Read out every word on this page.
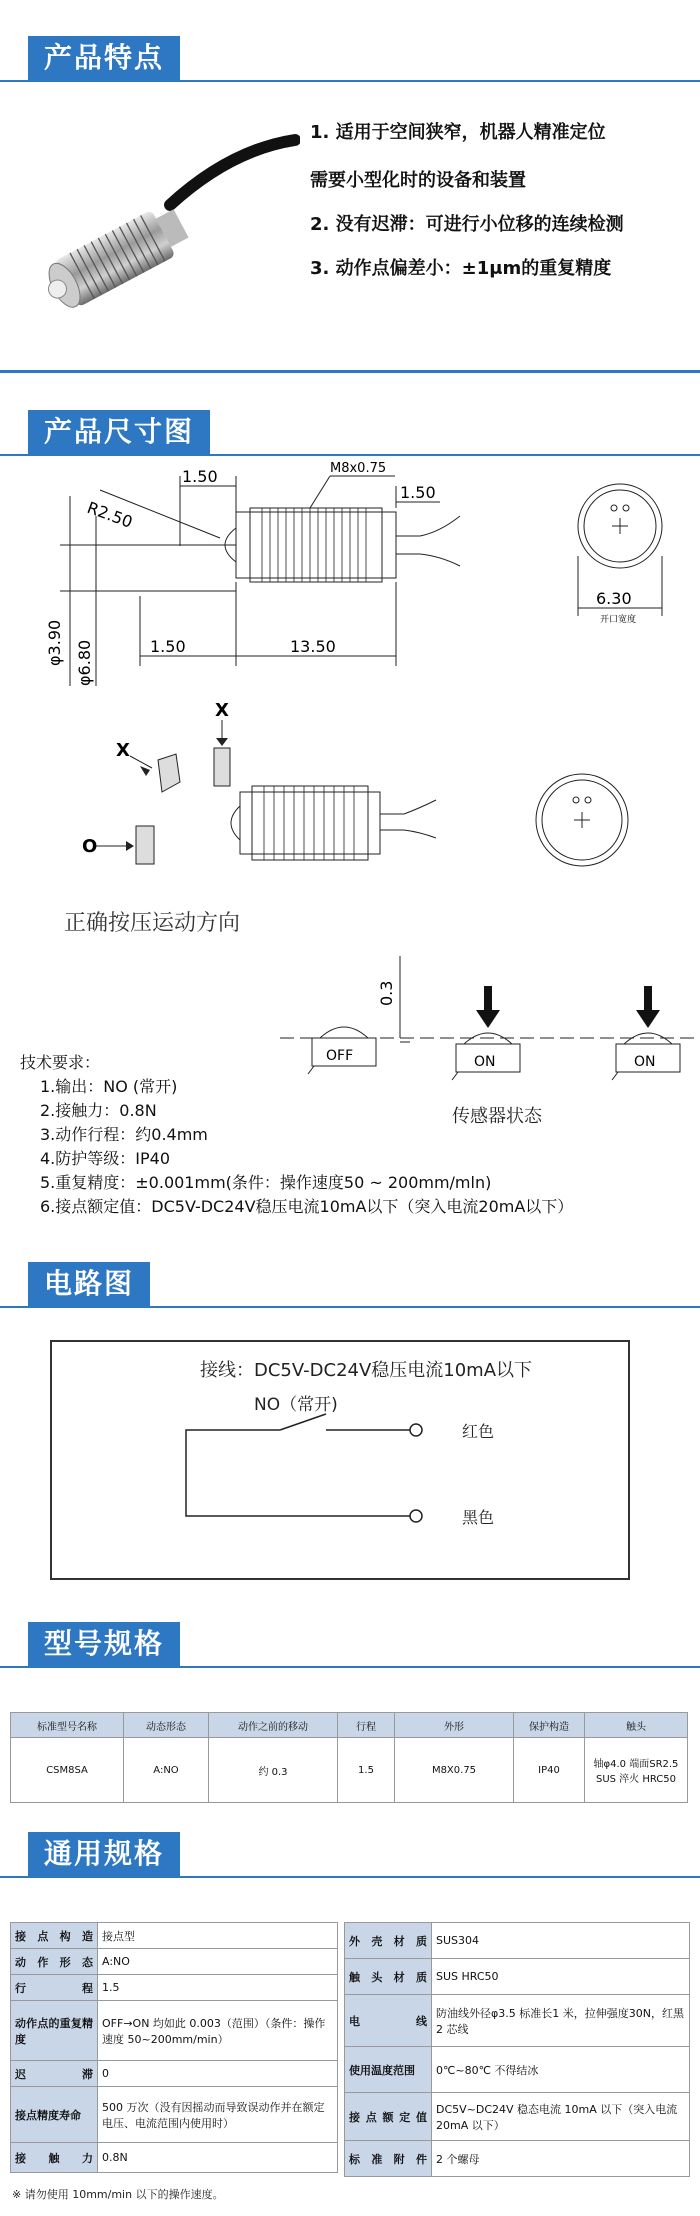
产品特点
1. 适用于空间狭窄，机器人精准定位
需要小型化时的设备和装置
2. 没有迟滞：可进行小位移的连续检测
3. 动作点偏差小：±1μm的重复精度
产品尺寸图
R2.50
1.50	M8x0.75
1.50
1.50	13.50
φ3.90 φ6.80
6.30
开口宽度
X
X
O
正确按压运动方向
0.3
OFF	ON	ON
传感器状态
技术要求：
1.输出：NO (常开)
2.接触力：0.8N
3.动作行程：约0.4mm
4.防护等级：IP40
5.重复精度：±0.001mm(条件：操作速度50 ~ 200mm/mln)
6.接点额定值：DC5V-DC24V稳压电流10mA以下（突入电流20mA以下）
电路图
接线：DC5V-DC24V稳压电流10mA以下
NO（常开)
红色
黑色
型号规格
标准型号名称	动态形态	动作之前的移动	行程	外形	保护构造	触头
CSM8SA	A:NO	约 0.3	1.5	M8X0.75	IP40	轴φ4.0 端面SR2.5 SUS 淬火 HRC50
通用规格
接点构造	接点型
动作形态	A:NO
行程	1.5
动作点的重复精度	OFF→ON 均如此 0.003（范围）（条件：操作速度 50~200mm/min）
迟滞	0
接点精度寿命	500 万次（没有因摇动而导致误动作并在额定电压、电流范围内使用时）
接触力	0.8N
外壳材质	SUS304
触头材质	SUS HRC50
电线	防油线外径φ3.5 标准长1 米，拉伸强度30N，红黑 2 芯线
使用温度范围	0℃~80℃ 不得结冰
接点额定值	DC5V~DC24V 稳态电流 10mA 以下（突入电流 20mA 以下）
标准附件	2 个螺母
※ 请勿使用 10mm/min 以下的操作速度。
